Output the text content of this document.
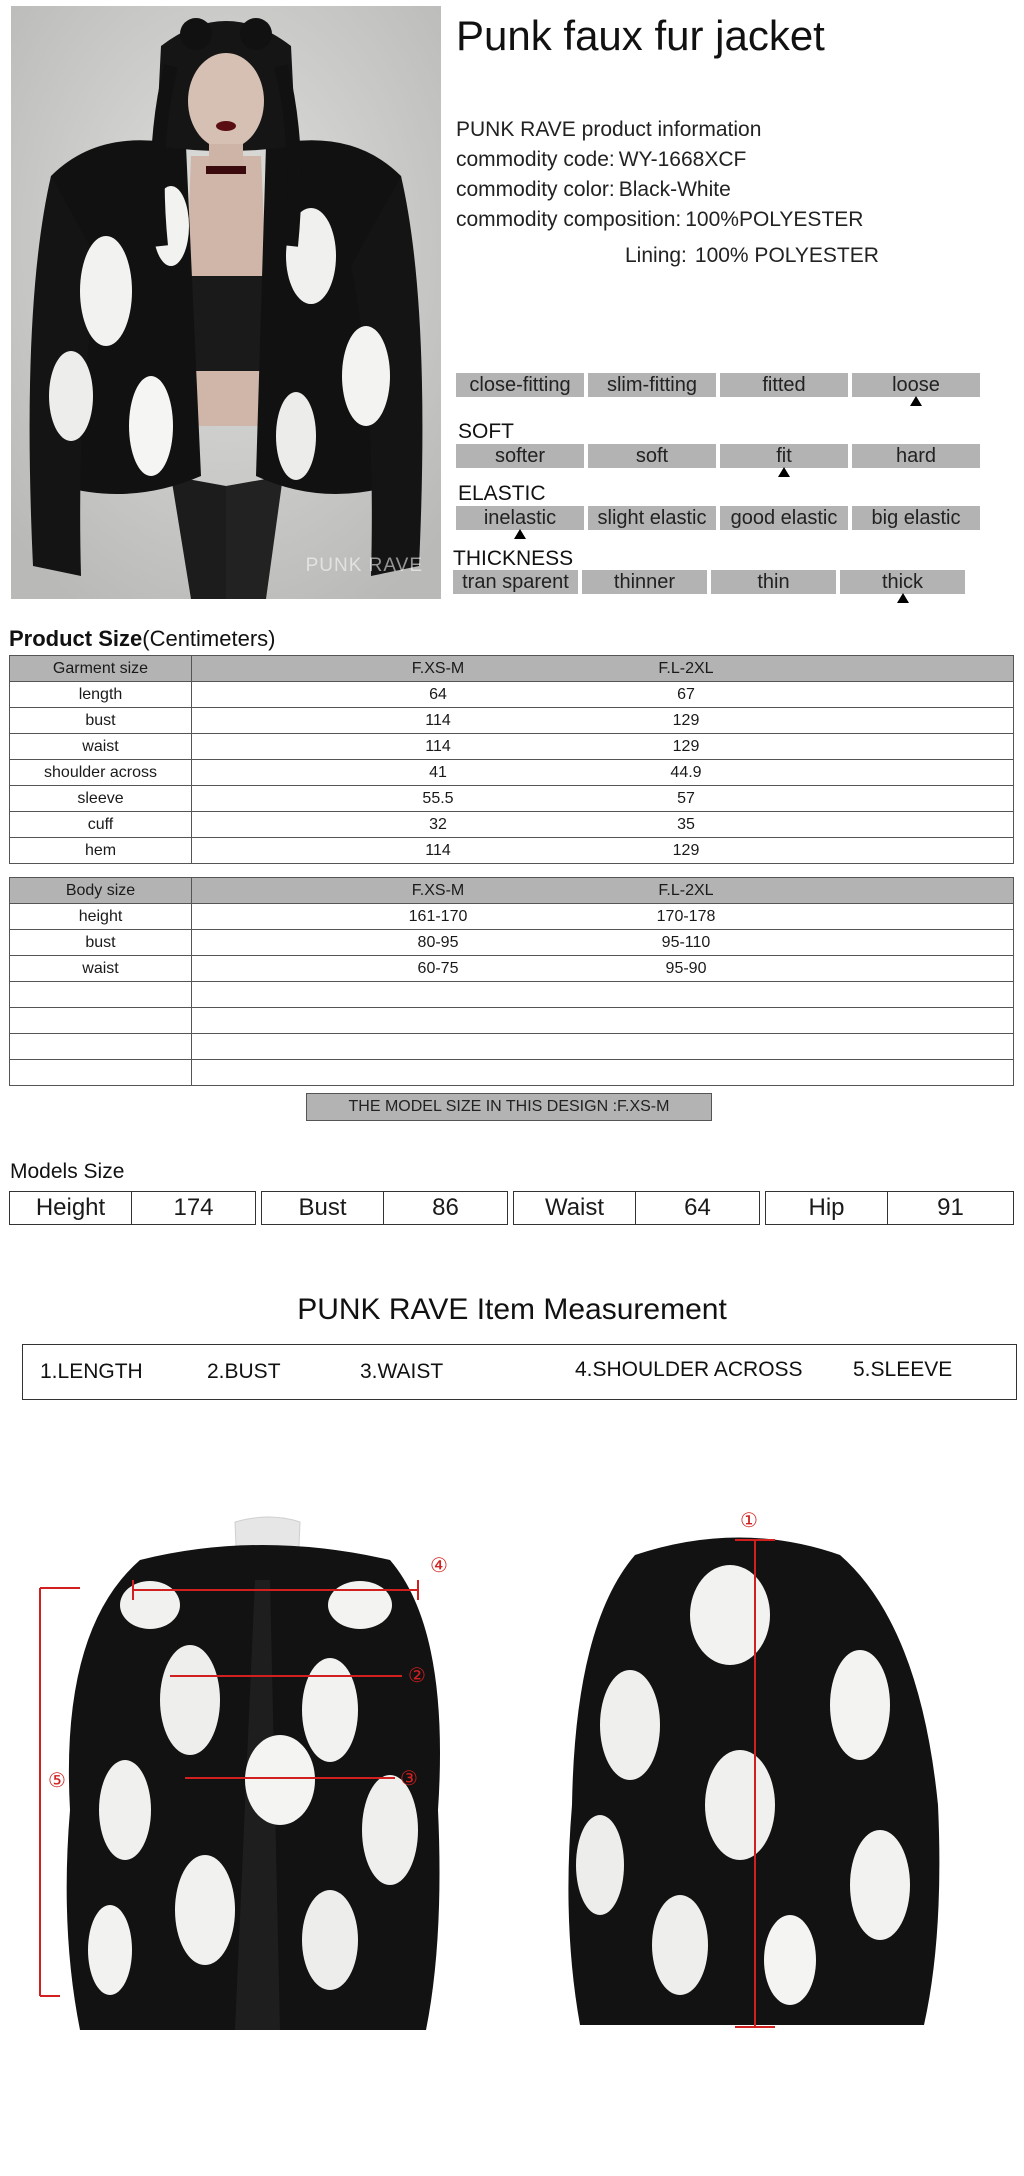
PUNK RAVE
Punk faux fur jacket
PUNK RAVE product information
commodity code: WY-1668XCF
commodity color: Black-White
commodity composition: 100%POLYESTER
Lining: 100% POLYESTER
close-fitting	slim-fitting	fitted	loose
SOFT
softer	soft	fit	hard
ELASTIC
inelastic	slight elastic	good elastic	big elastic
THICKNESS
tran sparent	thinner	thin	thick
Product Size(Centimeters)
Garment size	F.XS-M F.L-2XL

length	64 67

bust	114 129

waist	114 129

shoulder across	41 44.9

sleeve	55.5 57

cuff	32 35

hem	114 129
Body size	F.XS-M F.L-2XL

height	161-170 170-178

bust	80-95 95-110

waist	60-75 95-90

THE MODEL SIZE IN THIS DESIGN :F.XS-M
Models Size
Height	174	Bust	86	Waist	64	Hip	91
PUNK RAVE Item Measurement
1.LENGTH	2.BUST	3.WAIST	4.SHOULDER ACROSS 5.SLEEVE
④
②
③
⑤
①
